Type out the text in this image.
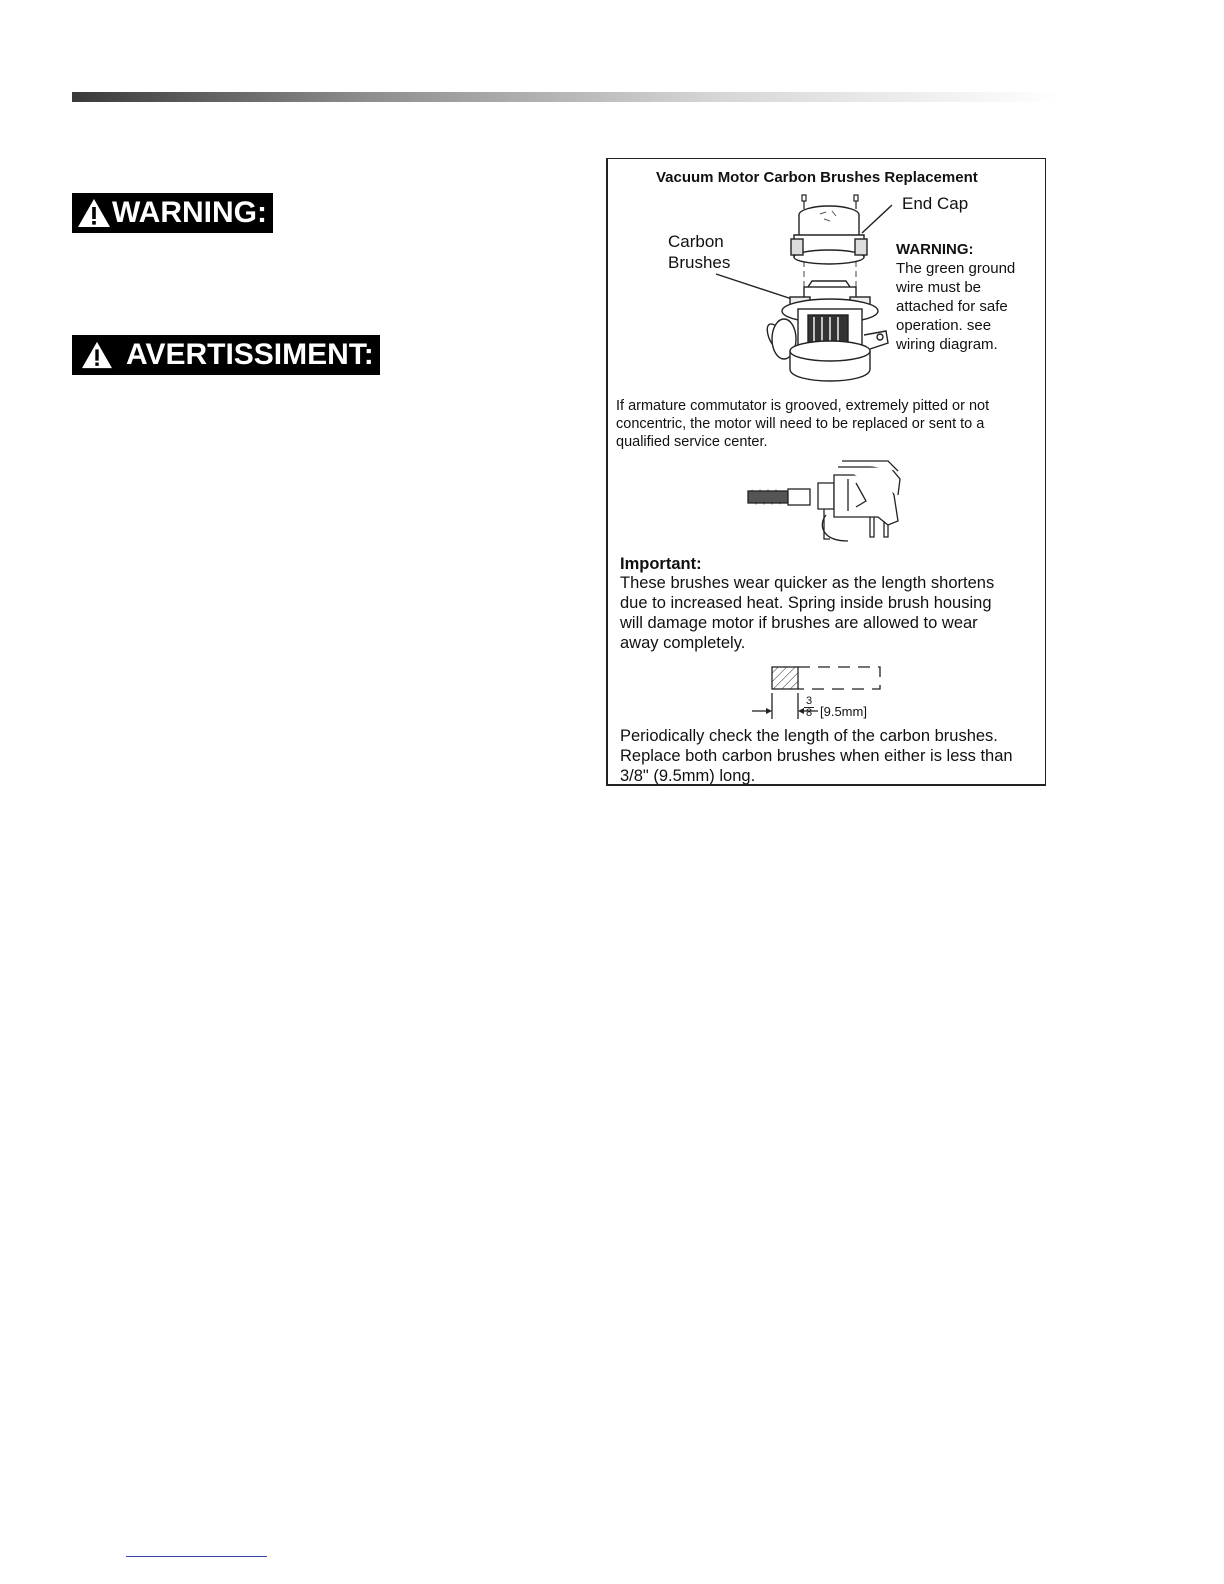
WARNING:
AVERTISSIMENT:
Vacuum Motor Carbon Brushes Replacement
End Cap
Carbon Brushes
WARNING:
The green ground
wire must be
attached for safe
operation. see
wiring diagram.
If armature commutator is grooved, extremely pitted or not
concentric, the motor will need to be replaced or sent to a
qualified service center.
Important:
These brushes wear quicker as the length shortens
due to increased heat. Spring inside brush housing
will damage motor if brushes are allowed to wear
away completely.
$\frac{3}{8} [9.5mm]$
Periodically check the length of the carbon brushes.
Replace both carbon brushes when either is less than
3/8" (9.5mm) long.
